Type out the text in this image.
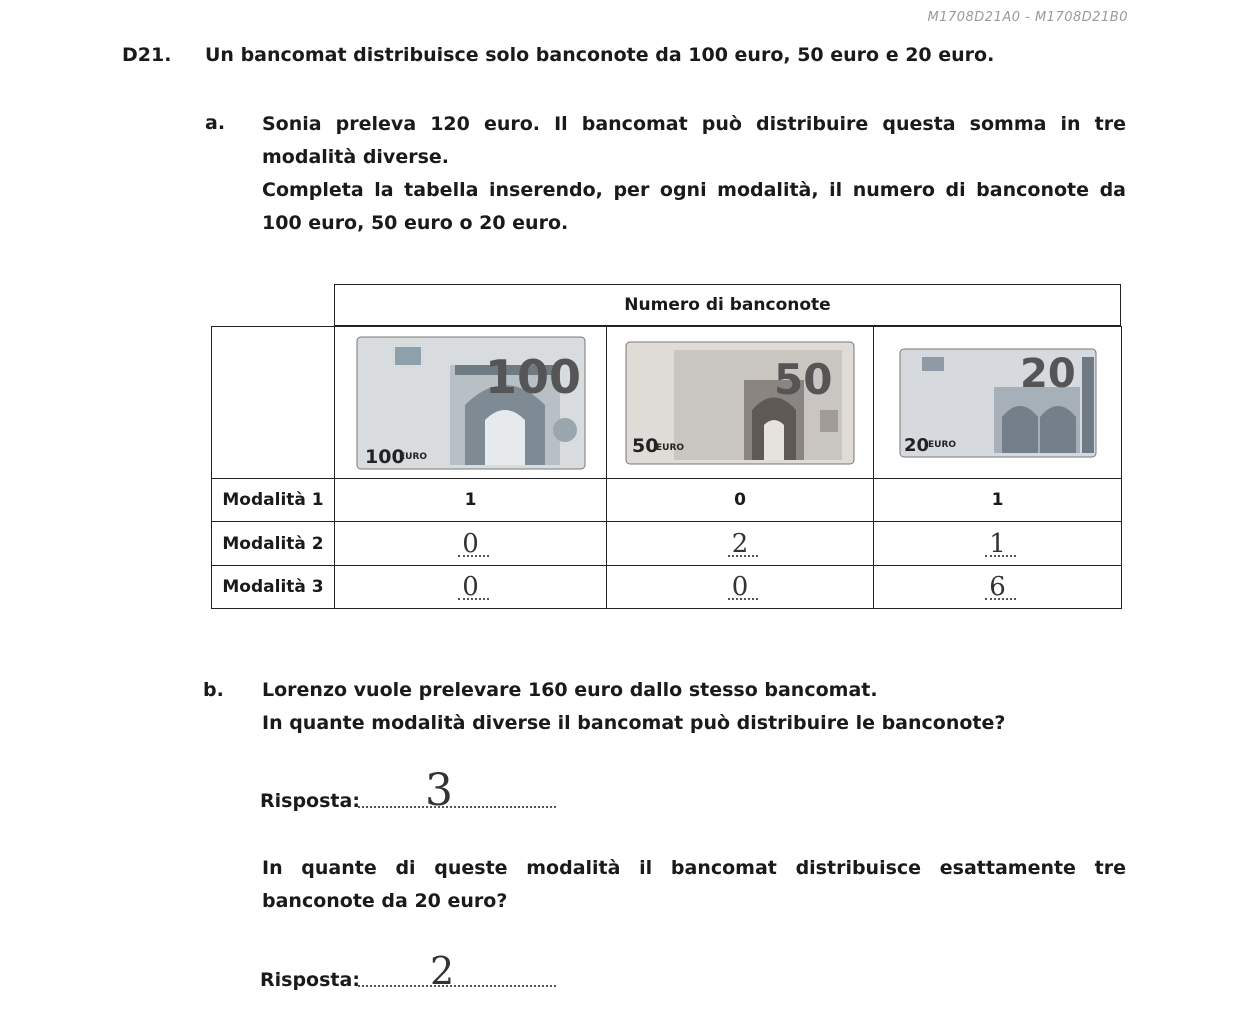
M1708D21A0 - M1708D21B0
D21. Un bancomat distribuisce solo banconote da 100 euro, 50 euro e 20 euro.
a. Sonia preleva 120 euro. Il bancomat può distribuire questa somma in tre modalità diverse.

Completa la tabella inserendo, per ogni modalità, il numero di banconote da 100 euro, 50 euro o 20 euro.

Numero di banconote

100
100
EURO	50
50
EURO	20
20
EURO

Modalità 1	1	0	1
Modalità 2	0	2	1

Modalità 3	0	0	6
b. Lorenzo vuole prelevare 160 euro dallo stesso bancomat.

In quante modalità diverse il bancomat può distribuire le banconote?

Risposta: 3

In quante di queste modalità il bancomat distribuisce esattamente tre banconote da 20 euro?

Risposta: 2
